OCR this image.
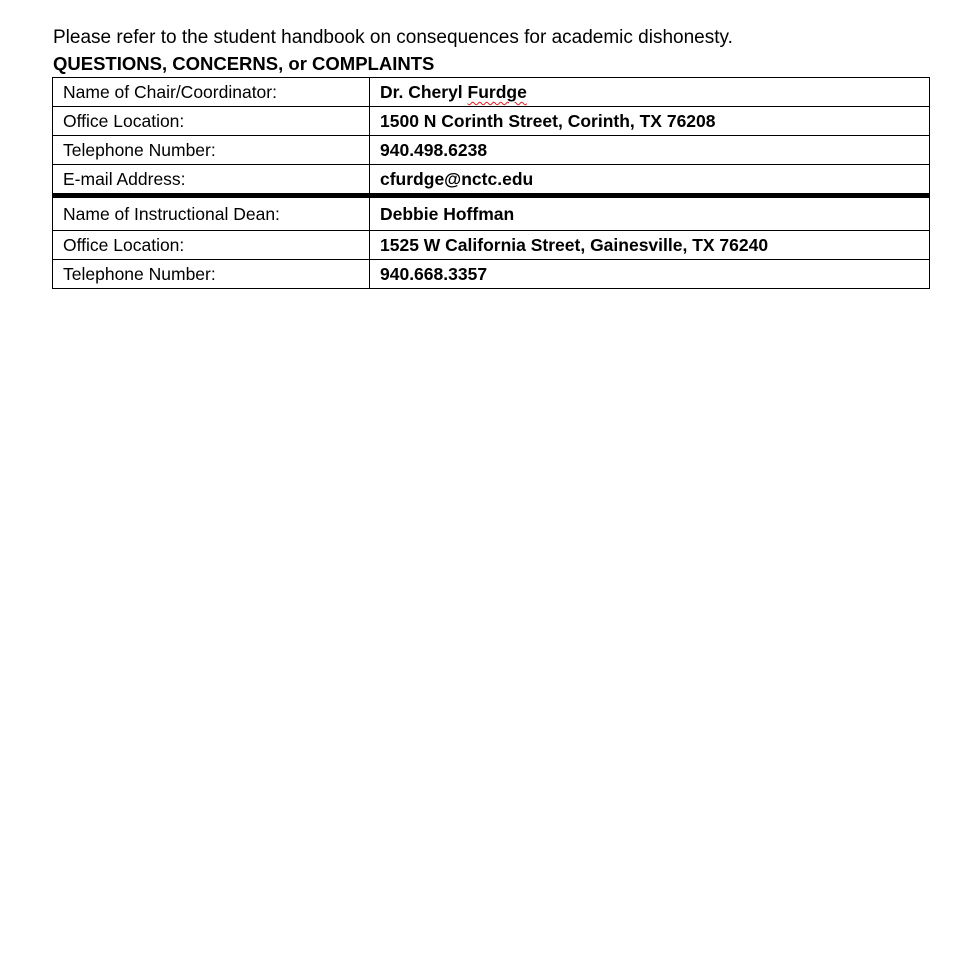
Please refer to the student handbook on consequences for academic dishonesty.
QUESTIONS, CONCERNS, or COMPLAINTS
Name of Chair/Coordinator:	Dr. Cheryl Furdge
Office Location:	1500 N Corinth Street, Corinth, TX 76208
Telephone Number:	940.498.6238
E-mail Address:	cfurdge@nctc.edu
Name of Instructional Dean:	Debbie Hoffman
Office Location:	1525 W California Street, Gainesville, TX 76240
Telephone Number:	940.668.3357
